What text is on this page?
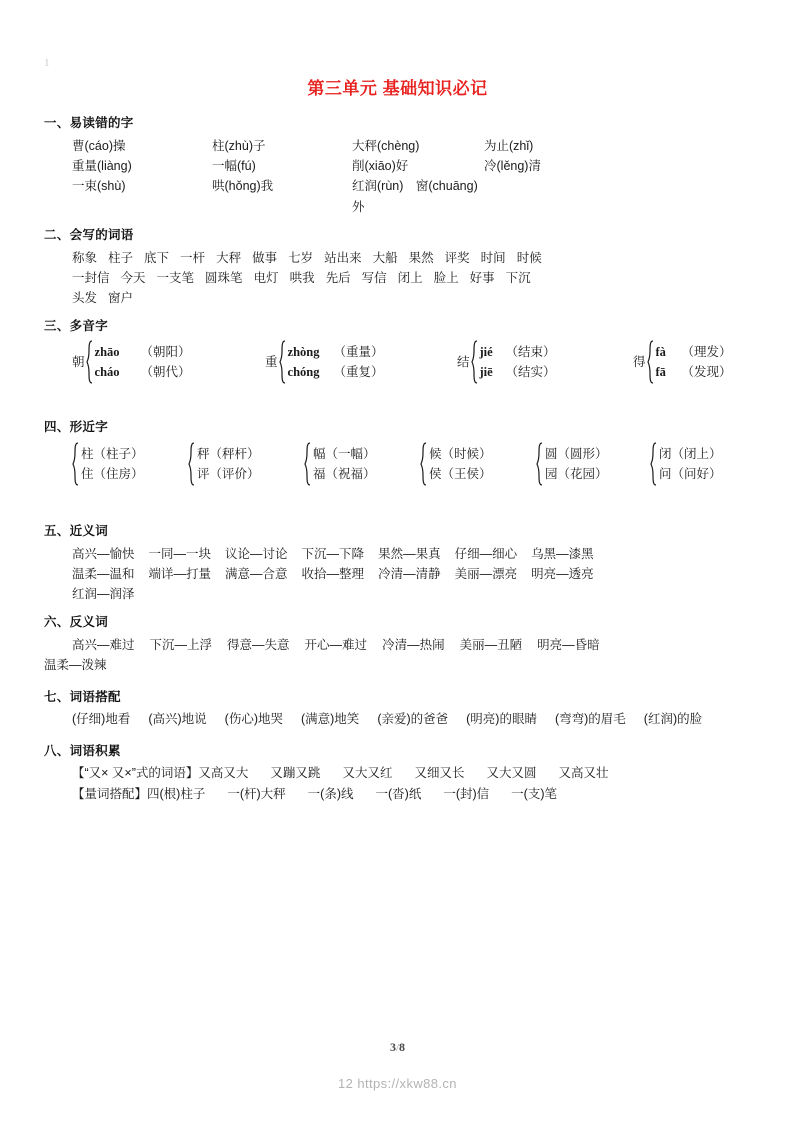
1
第三单元 基础知识必记
一、易读错的字
曹(cáo)操	柱(zhù)子	大秤(chèng)	为止(zhǐ)
重量(liàng)	一幅(fú)	削(xiāo)好	冷(lěng)清
一束(shù)	哄(hǒng)我	红润(rùn)　窗(chuāng)外
二、会写的词语
称象 柱子 底下 一杆 大秤 做事 七岁 站出来 大船 果然 评奖 时间 时候
一封信 今天 一支笔 圆珠笔 电灯 哄我 先后 写信 闭上 脸上 好事 下沉
头发 窗户
三、多音字
朝
zhāo （朝阳）
cháo （朝代）
重
zhòng （重量）
chóng （重复）
结
jié （结束）
jiē （结实）
得
fà （理发）
fā （发现）
四、形近字
柱（柱子）
住（住房）
秤（秤杆）
评（评价）
幅（一幅）
福（祝福）
候（时候）
侯（王侯）
圆（圆形）
园（花园）
闭（闭上）
问（问好）
五、近义词
高兴—愉快 一同—一块 议论—讨论 下沉—下降 果然—果真 仔细—细心 乌黑—漆黑
温柔—温和 端详—打量 满意—合意 收拾—整理 冷清—清静 美丽—漂亮 明亮—透亮
红润—润泽
六、反义词
高兴—难过 下沉—上浮 得意—失意 开心—难过 冷清—热闹 美丽—丑陋 明亮—昏暗
温柔—泼辣
七、词语搭配
(仔细)地看 (高兴)地说 (伤心)地哭 (满意)地笑 (亲爱)的爸爸 (明亮)的眼睛 (弯弯)的眉毛 (红润)的脸
八、词语积累
【“又× 又×”式的词语】又高又大 又蹦又跳 又大又红 又细又长 又大又圆 又高又壮
【量词搭配】四(根)柱子 一(杆)大秤 一(条)线 一(沓)纸 一(封)信 一(支)笔
3/8
12 https://xkw88.cn
